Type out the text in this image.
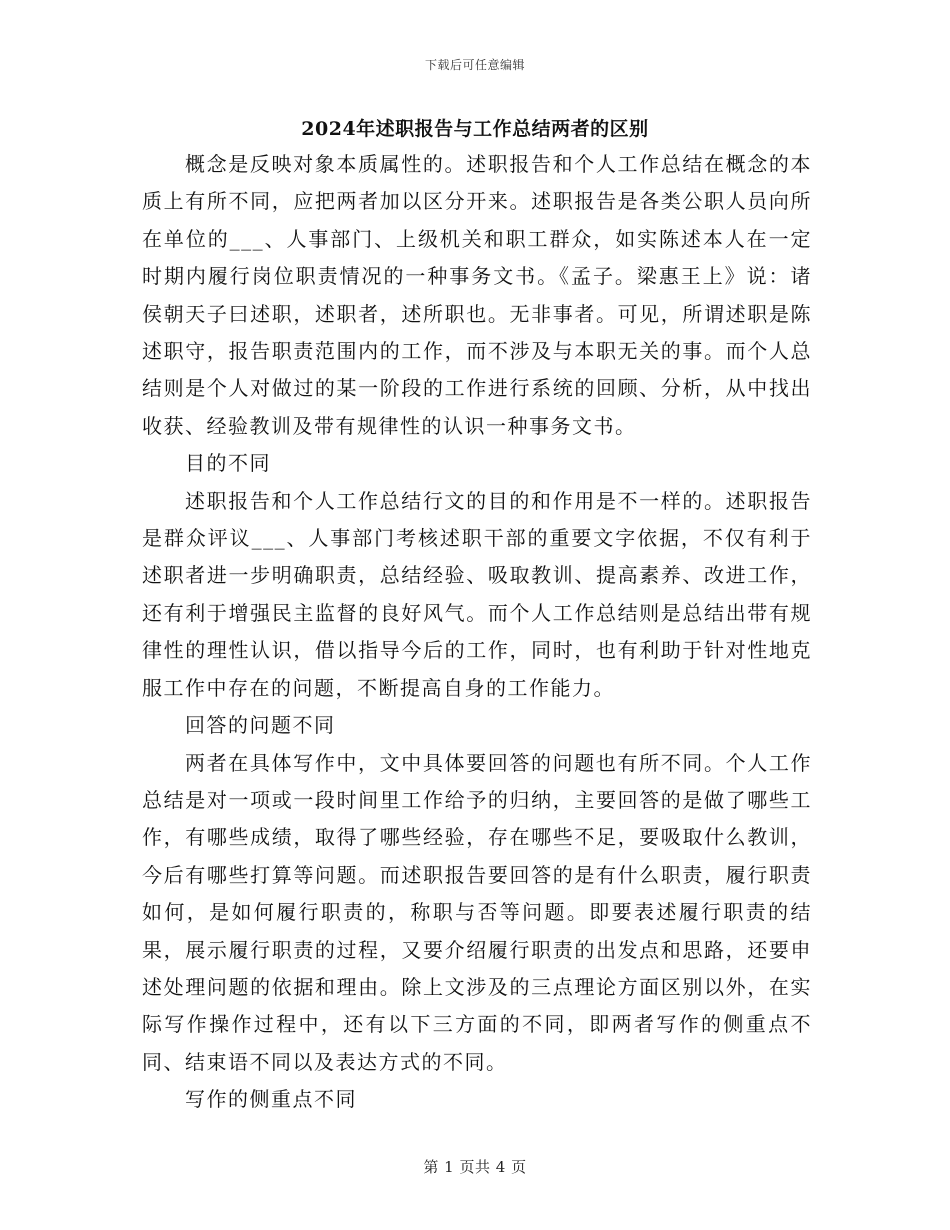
下载后可任意编辑
2024年述职报告与工作总结两者的区别

概念是反映对象本质属性的。述职报告和个人工作总结在概念的本质上有所不同，应把两者加以区分开来。述职报告是各类公职人员向所在单位的___、人事部门、上级机关和职工群众，如实陈述本人在一定时期内履行岗位职责情况的一种事务文书。《孟子。梁惠王上》说：诸侯朝天子曰述职，述职者，述所职也。无非事者。可见，所谓述职是陈述职守，报告职责范围内的工作，而不涉及与本职无关的事。而个人总结则是个人对做过的某一阶段的工作进行系统的回顾、分析，从中找出收获、经验教训及带有规律性的认识一种事务文书。

目的不同

述职报告和个人工作总结行文的目的和作用是不一样的。述职报告是群众评议___、人事部门考核述职干部的重要文字依据，不仅有利于述职者进一步明确职责，总结经验、吸取教训、提高素养、改进工作，还有利于增强民主监督的良好风气。而个人工作总结则是总结出带有规律性的理性认识，借以指导今后的工作，同时，也有利助于针对性地克服工作中存在的问题，不断提高自身的工作能力。

回答的问题不同

两者在具体写作中，文中具体要回答的问题也有所不同。个人工作总结是对一项或一段时间里工作给予的归纳，主要回答的是做了哪些工作，有哪些成绩，取得了哪些经验，存在哪些不足，要吸取什么教训，今后有哪些打算等问题。而述职报告要回答的是有什么职责，履行职责如何，是如何履行职责的，称职与否等问题。即要表述履行职责的结果，展示履行职责的过程，又要介绍履行职责的出发点和思路，还要申述处理问题的依据和理由。除上文涉及的三点理论方面区别以外，在实际写作操作过程中，还有以下三方面的不同，即两者写作的侧重点不同、结束语不同以及表达方式的不同。

写作的侧重点不同

第 1 页共 4 页
